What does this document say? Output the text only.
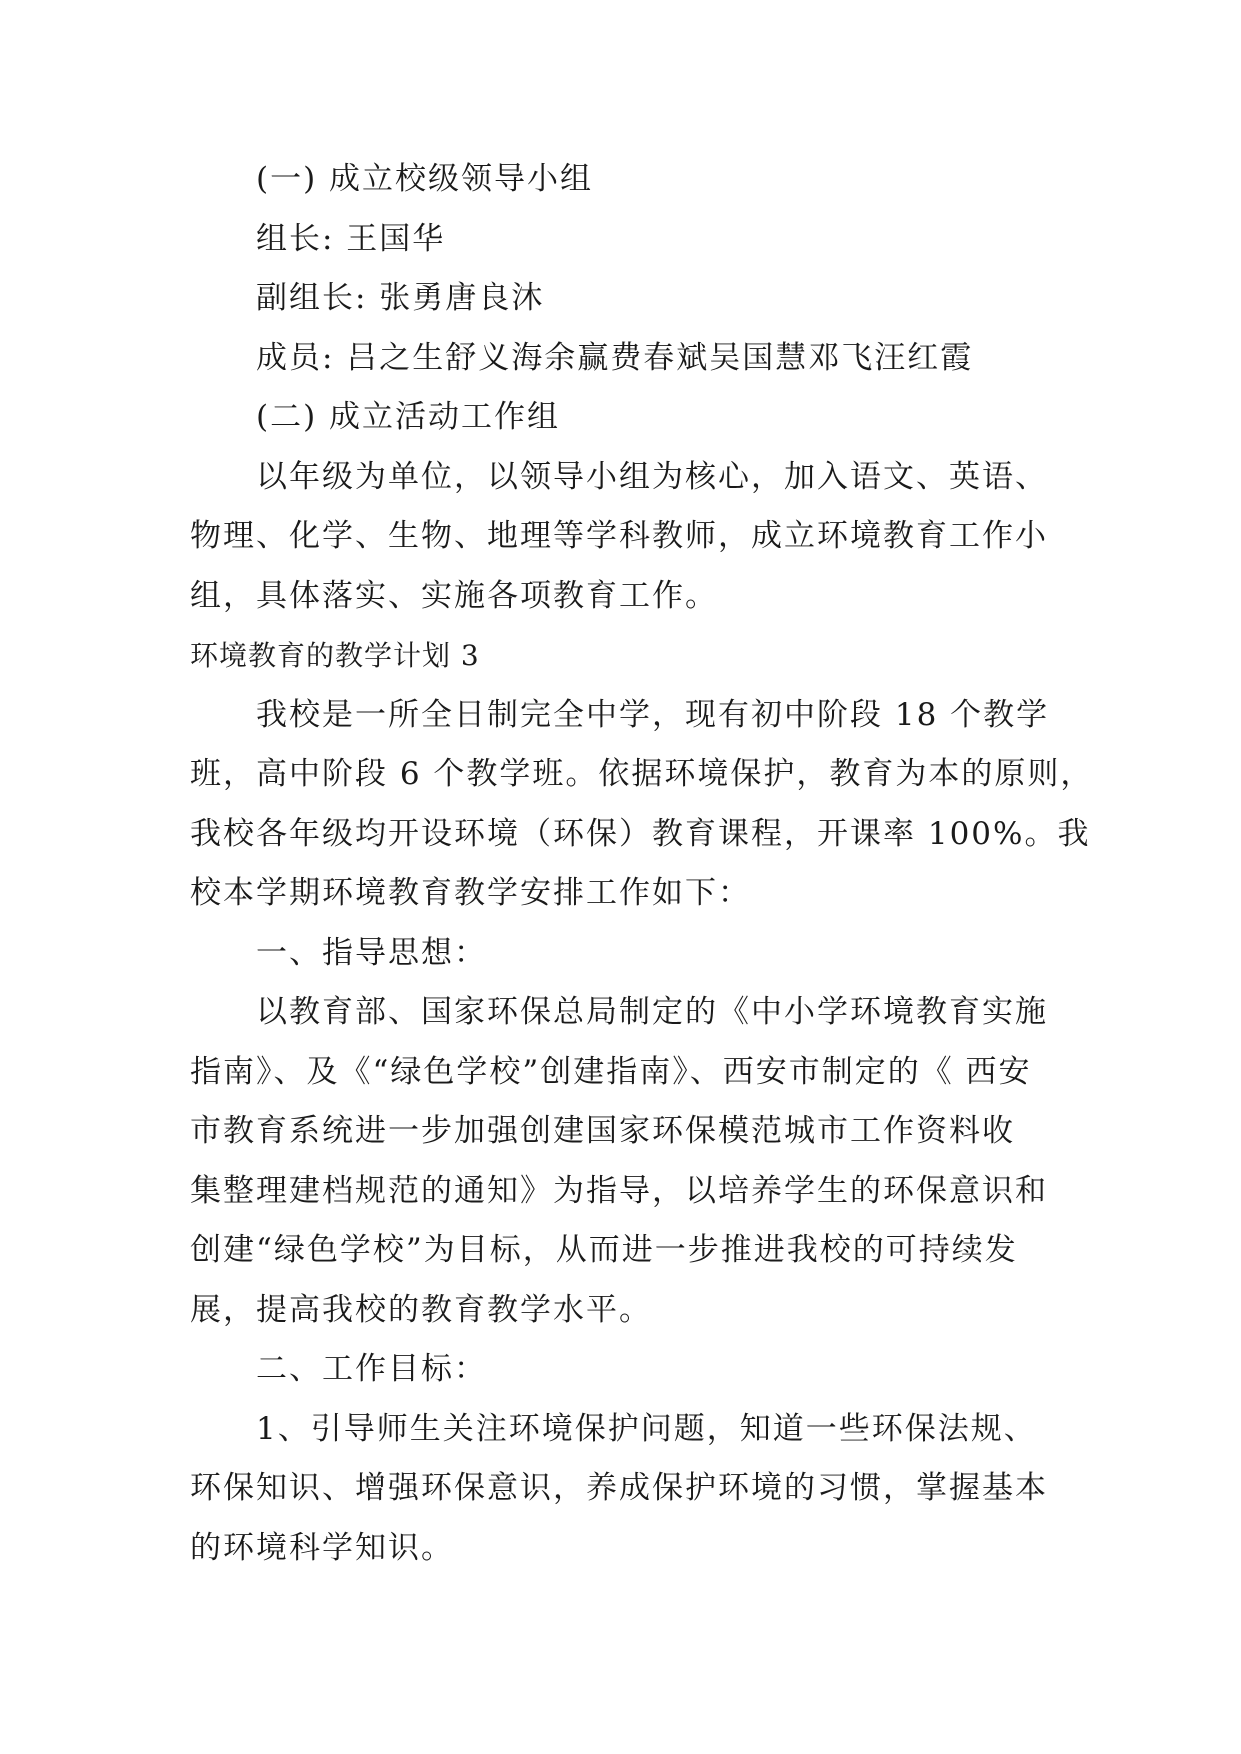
(一) 成立校级领导小组
组长: 王国华
副组长: 张勇唐良沐
成员: 吕之生舒义海余赢费春斌吴国慧邓飞汪红霞
(二) 成立活动工作组
以年级为单位，以领导小组为核心，加入语文、英语、
物理、化学、生物、地理等学科教师，成立环境教育工作小
组，具体落实、实施各项教育工作。
环境教育的教学计划 3
我校是一所全日制完全中学，现有初中阶段 18 个教学
班，高中阶段 6 个教学班。依据环境保护，教育为本的原则，
我校各年级均开设环境（环保）教育课程，开课率 100%。我
校本学期环境教育教学安排工作如下：
一、指导思想：
以教育部、国家环保总局制定的《中小学环境教育实施
指南》、及《“绿色学校”创建指南》、西安市制定的《 西安
市教育系统进一步加强创建国家环保模范城市工作资料收
集整理建档规范的通知》为指导，以培养学生的环保意识和
创建“绿色学校”为目标，从而进一步推进我校的可持续发
展，提高我校的教育教学水平。
二、工作目标：
1、引导师生关注环境保护问题，知道一些环保法规、
环保知识、增强环保意识，养成保护环境的习惯，掌握基本
的环境科学知识。
